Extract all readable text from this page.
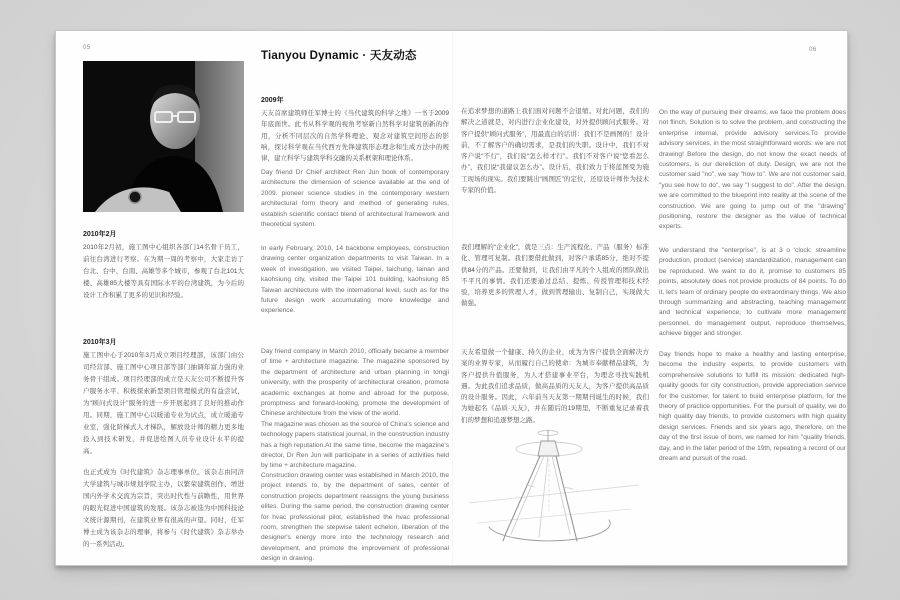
05
2010年2月

2010年2月初，施工图中心组织各部门14名骨干员工，前往台湾进行考察。在为期一周的考察中，大家走访了台北、台中、台南、高雄等多个城市，参观了台北101大楼、高雄85大楼等具有国际水平的台湾建筑，为今后的设计工作积累了更多的见识和经验。

2010年3月

施工图中心于2010年3月成立项目经理部，该部门由公司经营部、施工图中心项目部等部门抽调年富力强的业务骨干组成。项目经理部的成立是天友公司不断提升客户服务水平、积极探索新型项目管理模式的有益尝试，为“顾问式设计”服务的进一步开展起到了良好的推动作用。同期，施工图中心以暖通专业为试点，成立暖通专业室，强化阶梯式人才梯队，解放设计师的精力更多地投入到技术研发，并促进绘图人员专业设计水平的提高。

也正式成为《时代建筑》杂志理事单位。该杂志由同济大学建筑与城市规划学院主办，以繁荣建筑创作、增进国内外学术交流为宗旨，突出时代性与前瞻性，用世界的眼光促进中国建筑的发展。该杂志被选为中国科技论文统计源期刊，在建筑业界有很高的声望。同时，任军博士成为该杂志的理事，将参与《时代建筑》杂志举办的一系列活动。

Tianyou Dynamic · 天友动态
2009年

天友首席建筑师任军博士的《当代建筑的科学之维》一书于2009年底面世。此书从科学观的视角考察新自然科学对建筑创新的作用，分析不同层次的自然学科理论、观念对建筑空间形态的影响，探讨科学观在当代西方先锋建筑形态理念和生成方法中的规律，建立科学与建筑学科交融的关系框架和理论体系。

Day friend Dr Chief architect Ren Jun book of contemporary architecture the dimension of science available at the end of 2009. pioneer science studies in the contemporary western architectural form theory and method of generating rules, establish scientific contact blend of architectural framework and theoretical system.

In early February, 2010, 14 backbone employees, construction drawing center organization departments to visit Taiwan. In a week of investigation, we visited Taipei, taichung, tainan and kaohsiung city, visited the Taipei 101 building, kaohsiung 85 Taiwan architecture with the international level, such as for the future design work accumulating more knowledge and experience.

Day friend company in March 2010, officially became a member of time + architecture magazine. The magazine sponsored by the department of architecture and urban planning in tongji university, with the prosperity of architectural creation, promote academic exchanges at home and abroad for the purpose, promptness and forward-looking, promote the development of Chinese architecture from the view of the world.

The magazine was chosen as the source of China's science and technology papers statistical journal, in the construction industry has a high reputation.At the same time, become the magazine's director, Dr Ren Jun will participate in a series of activities held by time + architecture magazine.

Construction drawing center was established in March 2010, the project intends to, by the department of sales, center of construction projects department reassigns the young business elites. During the same period, the construction drawing center for hvac professional pilot, established the hvac professional room, strengthen the stepwise talent echelon, liberation of the designer's energy more into the technology research and development, and promote the improvement of professional design in drawing.

在追求梦想的道路上我们面对问题不会退缩。对此问题，我们的解决之道就是，对内进行企业化建设，对外提供顾问式服务。对客户提供“顾问式服务”，用最直白的话讲：我们不是画图的！设计前，不了解客户的确切需求，是我们的失职。设计中，我们不对客户说“不行”，我们说“怎么样才行”。我们不对客户说“您看怎么办”，我们说“我建议怎么办”。设计后，我们致力于将蓝图变为施工现场的现实。我们要跳出“画图匠”的定位，还原设计师作为技术专家的价值。

我们理解的“企业化”，就是三点：生产流程化、产品（服务）标准化、管理可复制。我们要借此做到，对客户承诺85分，绝对不提供84分的产品。还要做到，让我们由平凡的个人组成的团队做出不平凡的事情。我们还要通过总结、提炼、传授管理和技术经验，培养更多的管理人才，做到管理输出、复制自己，实现做大做强。

天友希望做一个健康、持久的企业，成为为客户提供全面解决方案的业界专家，从而履行自己的使命：为城市奉献精品建筑，为客户提供升值服务，为人才搭建事业平台，为理念寻找实践机遇。为此我们追求品质，做高品质的天友人，为客户提供高品质的设计服务。因此，六年前当天友第一期期刊诞生的时候，我们为她起名《品质·天友》，并在随后的19期里，不断重复记录着我们的梦想和追逐梦想之路。

On the way of pursuing their dreams, we face the problem does not flinch. Solution is to solve the problem, and constructing the enterprise internal, provide advisory services.To provide advisory services, in the most straightforward words: we are not drawing! Before the design, do not know the exact needs of customers, is our dereliction of duty. Design, we are not the customer said "no", we say "how to". We are not customer said, "you see how to do", we say "I suggest to do". After the design, we are committed to the blueprint into reality at the scene of the construction. We are going to jump out of the "drawing" positioning, restore the designer as the value of technical experts.

We understand the "enterprise", is at 3 o 'clock: streamline production, product (service) standardization, management can be reproduced. We want to do it, promise to customers 85 points, absolutely does not provide products of 84 points. To do it, let's team of ordinary people do extraordinary things. We also through summarizing and abstracting, teaching management and technical experience, to cultivate more management personnel, do management output, reproduce themselves, achieve bigger and stronger.

Day friends hope to make a healthy and lasting enterprise, become the industry experts, to provide customers with comprehensive solutions to fulfill its mission: dedicated high-quality goods for city construction, provide appreciation service for the customer, for talent to build enterprise platform, for the theory of practice opportunities. For the pursuit of quality, we do high quality day friends, to provide customers with high quality design services. Friends and six years ago, therefore, on the day of the first issue of born, we named for him "quality friends, day, and in the later period of the 19th, repeating a record of our dream and pursuit of the road.

06
